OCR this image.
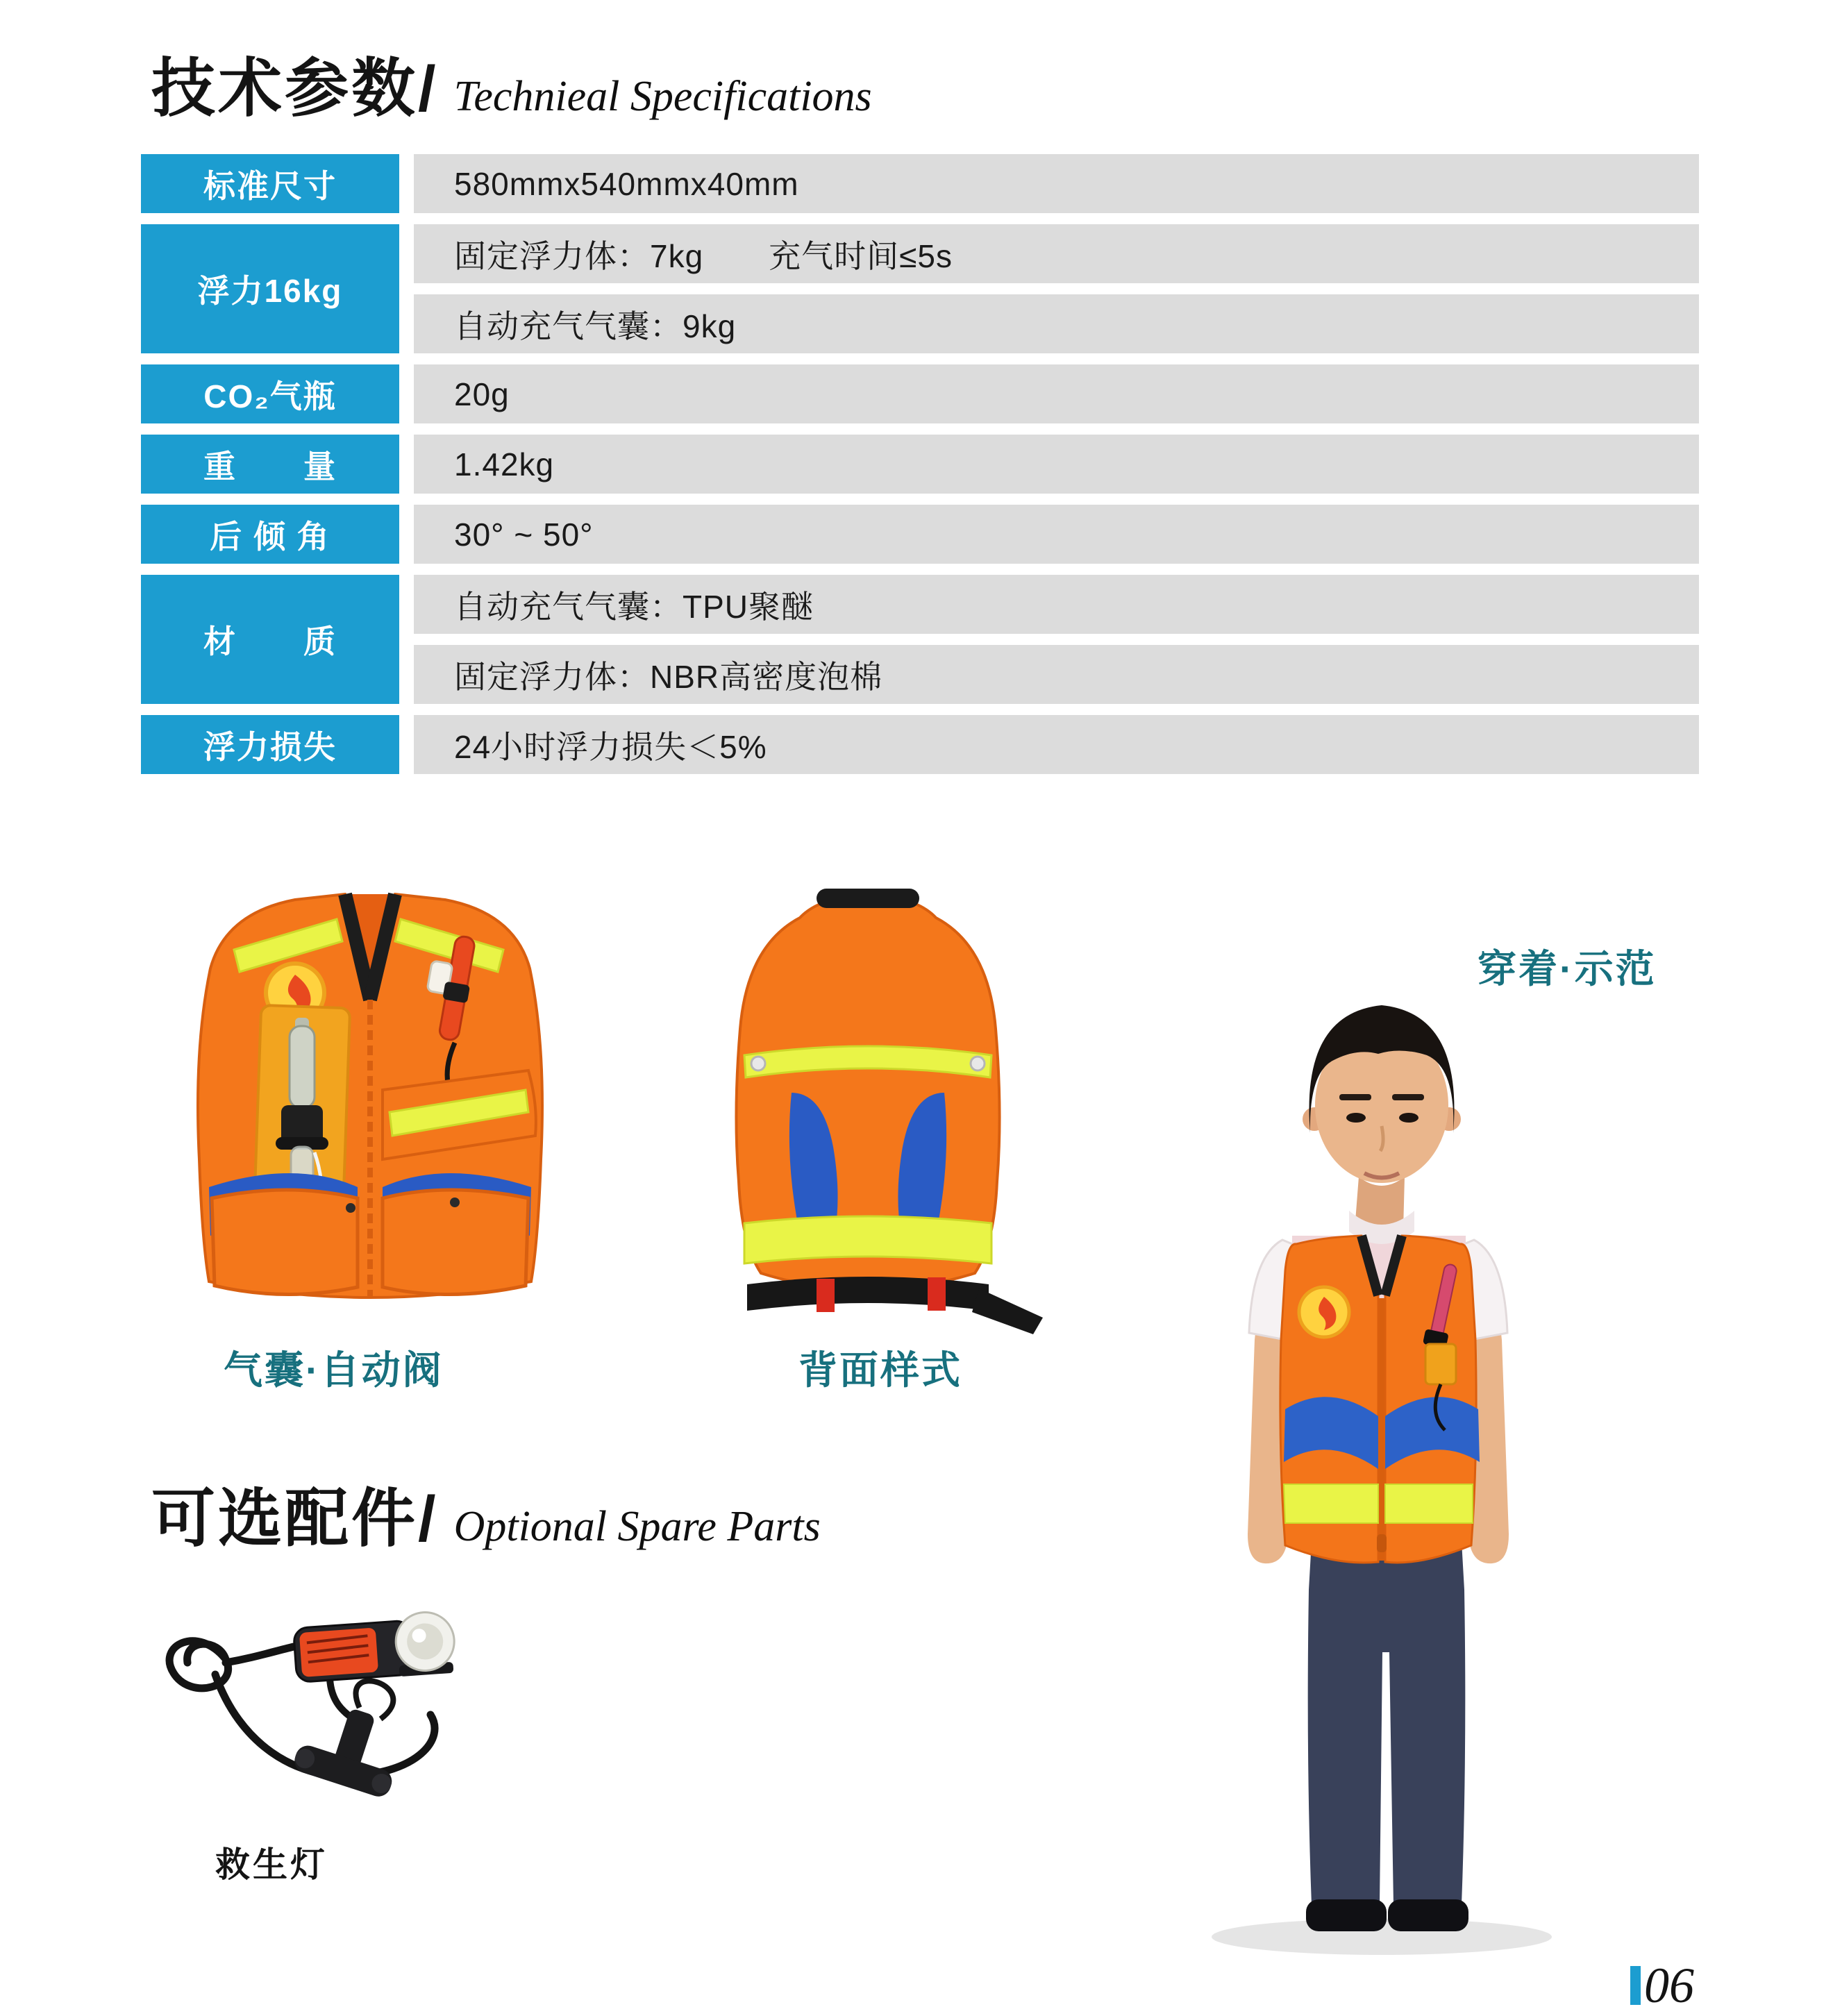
技术参数/ Technieal Specifications
标准尺寸
浮力16kg
CO₂气瓶
重　　量
后 倾 角
材　　质
浮力损失
580mmx540mmx40mm
固定浮力体：7kg　　充气时间≤5s
自动充气气囊：9kg
20g
1.42kg
30° ~ 50°
自动充气气囊：TPU聚醚
固定浮力体：NBR高密度泡棉
24小时浮力损失＜5%
气囊·自动阀	背面样式
穿着·示范
可选配件/ Optional Spare Parts
救生灯
06
